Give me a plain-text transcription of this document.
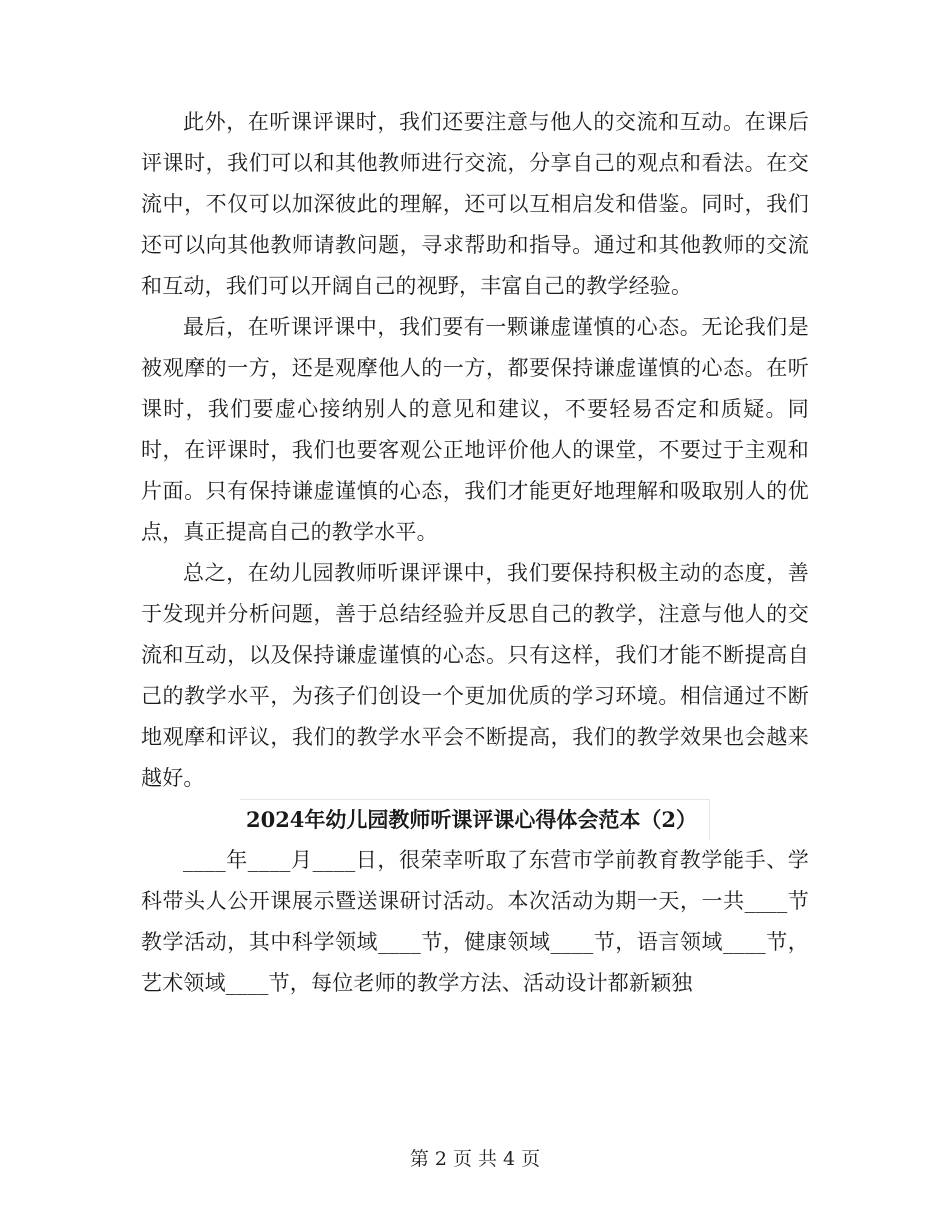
此外，在听课评课时，我们还要注意与他人的交流和互动。在课后评课时，我们可以和其他教师进行交流，分享自己的观点和看法。在交流中，不仅可以加深彼此的理解，还可以互相启发和借鉴。同时，我们还可以向其他教师请教问题，寻求帮助和指导。通过和其他教师的交流和互动，我们可以开阔自己的视野，丰富自己的教学经验。

最后，在听课评课中，我们要有一颗谦虚谨慎的心态。无论我们是被观摩的一方，还是观摩他人的一方，都要保持谦虚谨慎的心态。在听课时，我们要虚心接纳别人的意见和建议，不要轻易否定和质疑。同时，在评课时，我们也要客观公正地评价他人的课堂，不要过于主观和片面。只有保持谦虚谨慎的心态，我们才能更好地理解和吸取别人的优点，真正提高自己的教学水平。

总之，在幼儿园教师听课评课中，我们要保持积极主动的态度，善于发现并分析问题，善于总结经验并反思自己的教学，注意与他人的交流和互动，以及保持谦虚谨慎的心态。只有这样，我们才能不断提高自己的教学水平，为孩子们创设一个更加优质的学习环境。相信通过不断地观摩和评议，我们的教学水平会不断提高，我们的教学效果也会越来越好。

2024年幼儿园教师听课评课心得体会范本（2）

____年____月____日，很荣幸听取了东营市学前教育教学能手、学科带头人公开课展示暨送课研讨活动。本次活动为期一天，一共____节教学活动，其中科学领域____节，健康领域____节，语言领域____节，艺术领域____节，每位老师的教学方法、活动设计都新颖独

第 2 页 共 4 页
